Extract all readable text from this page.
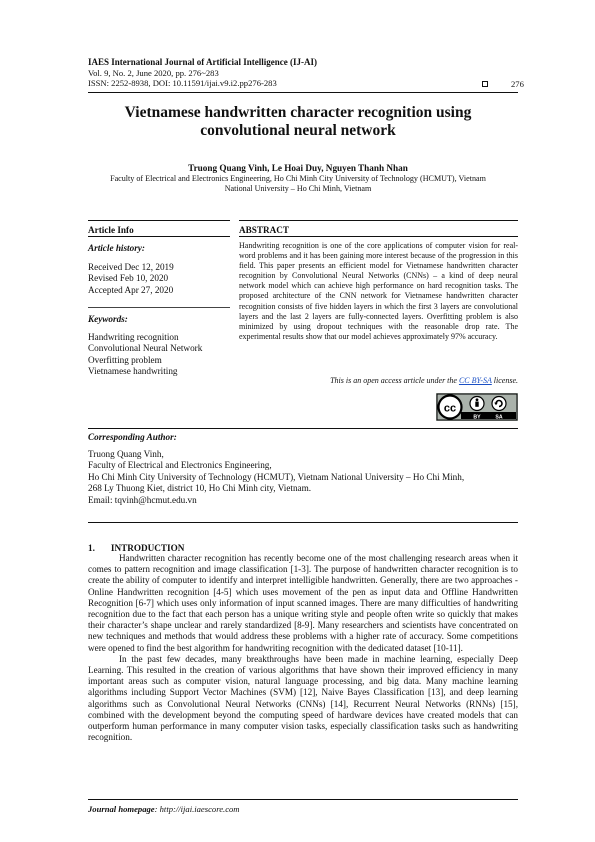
IAES International Journal of Artificial Intelligence (IJ-AI)
Vol. 9, No. 2, June 2020, pp. 276~283
ISSN: 2252-8938, DOI: 10.11591/ijai.v9.i2.pp276-283	276
Vietnamese handwritten character recognition using
convolutional neural network
Truong Quang Vinh, Le Hoai Duy, Nguyen Thanh Nhan
Faculty of Electrical and Electronics Engineering, Ho Chi Minh City University of Technology (HCMUT), Vietnam
National University – Ho Chi Minh, Vietnam
Article Info
Article history:
Received Dec 12, 2019
Revised Feb 10, 2020
Accepted Apr 27, 2020
Keywords:
Handwriting recognition
Convolutional Neural Network
Overfitting problem
Vietnamese handwriting
ABSTRACT
Handwriting recognition is one of the core applications of computer vision for real-word problems and it has been gaining more interest because of the progression in this field. This paper presents an efficient model for Vietnamese handwritten character recognition by Convolutional Neural Networks (CNNs) – a kind of deep neural network model which can achieve high performance on hard recognition tasks. The proposed architecture of the CNN network for Vietnamese handwritten character recognition consists of five hidden layers in which the first 3 layers are convolutional layers and the last 2 layers are fully-connected layers. Overfitting problem is also minimized by using dropout techniques with the reasonable drop rate. The experimental results show that our model achieves approximately 97% accuracy.
This is an open access article under the CC BY-SA license.
cc
BY	SA
Corresponding Author:
Truong Quang Vinh,
Faculty of Electrical and Electronics Engineering,
Ho Chi Minh City University of Technology (HCMUT), Vietnam National University – Ho Chi Minh,
268 Ly Thuong Kiet, district 10, Ho Chi Minh city, Vietnam.
Email: tqvinh@hcmut.edu.vn
1. INTRODUCTION

Handwritten character recognition has recently become one of the most challenging research areas when it comes to pattern recognition and image classification [1-3]. The purpose of handwritten character recognition is to create the ability of computer to identify and interpret intelligible handwritten. Generally, there are two approaches - Online Handwritten recognition [4-5] which uses movement of the pen as input data and Offline Handwritten Recognition [6-7] which uses only information of input scanned images. There are many difficulties of handwriting recognition due to the fact that each person has a unique writing style and people often write so quickly that makes their character’s shape unclear and rarely standardized [8-9]. Many researchers and scientists have concentrated on new techniques and methods that would address these problems with a higher rate of accuracy. Some competitions were opened to find the best algorithm for handwriting recognition with the dedicated dataset [10-11].

In the past few decades, many breakthroughs have been made in machine learning, especially Deep Learning. This resulted in the creation of various algorithms that have shown their improved efficiency in many important areas such as computer vision, natural language processing, and big data. Many machine learning algorithms including Support Vector Machines (SVM) [12], Naive Bayes Classification [13], and deep learning algorithms such as Convolutional Neural Networks (CNNs) [14], Recurrent Neural Networks (RNNs) [15], combined with the development beyond the computing speed of hardware devices have created models that can outperform human performance in many computer vision tasks, especially classification tasks such as handwriting recognition.

Journal homepage: http://ijai.iaescore.com
